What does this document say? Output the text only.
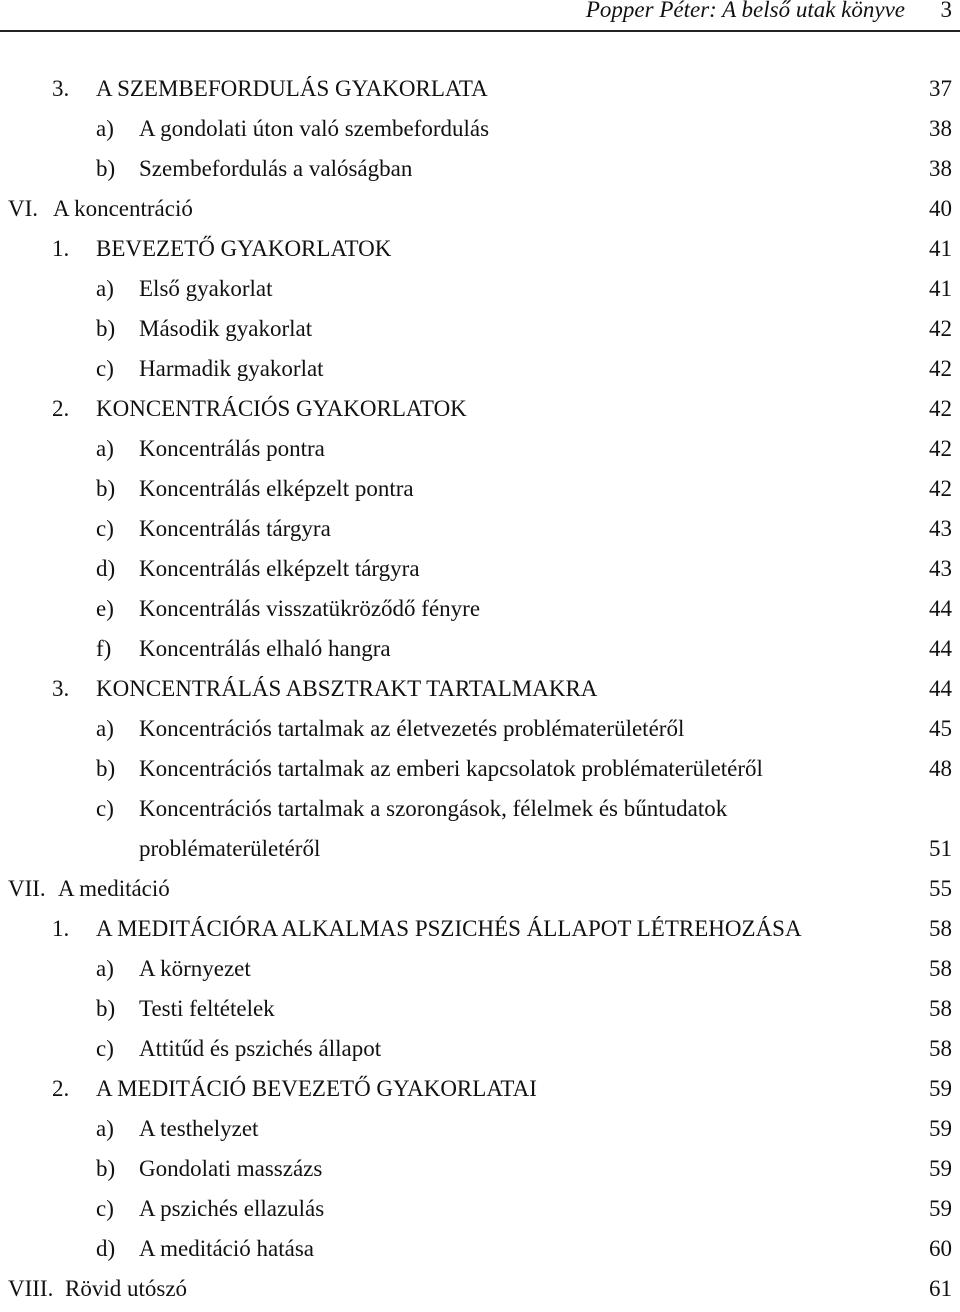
Popper Péter: A belső utak könyve 3
3. A SZEMBEFORDULÁS GYAKORLATA	37
a) A gondolati úton való szembefordulás	38
b) Szembefordulás a valóságban	38
VI. A koncentráció	40
1. BEVEZETŐ GYAKORLATOK	41
a) Első gyakorlat	41
b) Második gyakorlat	42
c) Harmadik gyakorlat	42
2. KONCENTRÁCIÓS GYAKORLATOK	42
a) Koncentrálás pontra	42
b) Koncentrálás elképzelt pontra	42
c) Koncentrálás tárgyra	43
d) Koncentrálás elképzelt tárgyra	43
e) Koncentrálás visszatükröződő fényre	44
f) Koncentrálás elhaló hangra	44
3. KONCENTRÁLÁS ABSZTRAKT TARTALMAKRA	44
a) Koncentrációs tartalmak az életvezetés problématerületéről	45
b) Koncentrációs tartalmak az emberi kapcsolatok problématerületéről	48
c) Koncentrációs tartalmak a szorongások, félelmek és bűntudatok
problématerületéről	51
VII. A meditáció	55
1. A MEDITÁCIÓRA ALKALMAS PSZICHÉS ÁLLAPOT LÉTREHOZÁSA	58
a) A környezet	58
b) Testi feltételek	58
c) Attitűd és pszichés állapot	58
2. A MEDITÁCIÓ BEVEZETŐ GYAKORLATAI	59
a) A testhelyzet	59
b) Gondolati masszázs	59
c) A pszichés ellazulás	59
d) A meditáció hatása	60
VIII. Rövid utószó	61
